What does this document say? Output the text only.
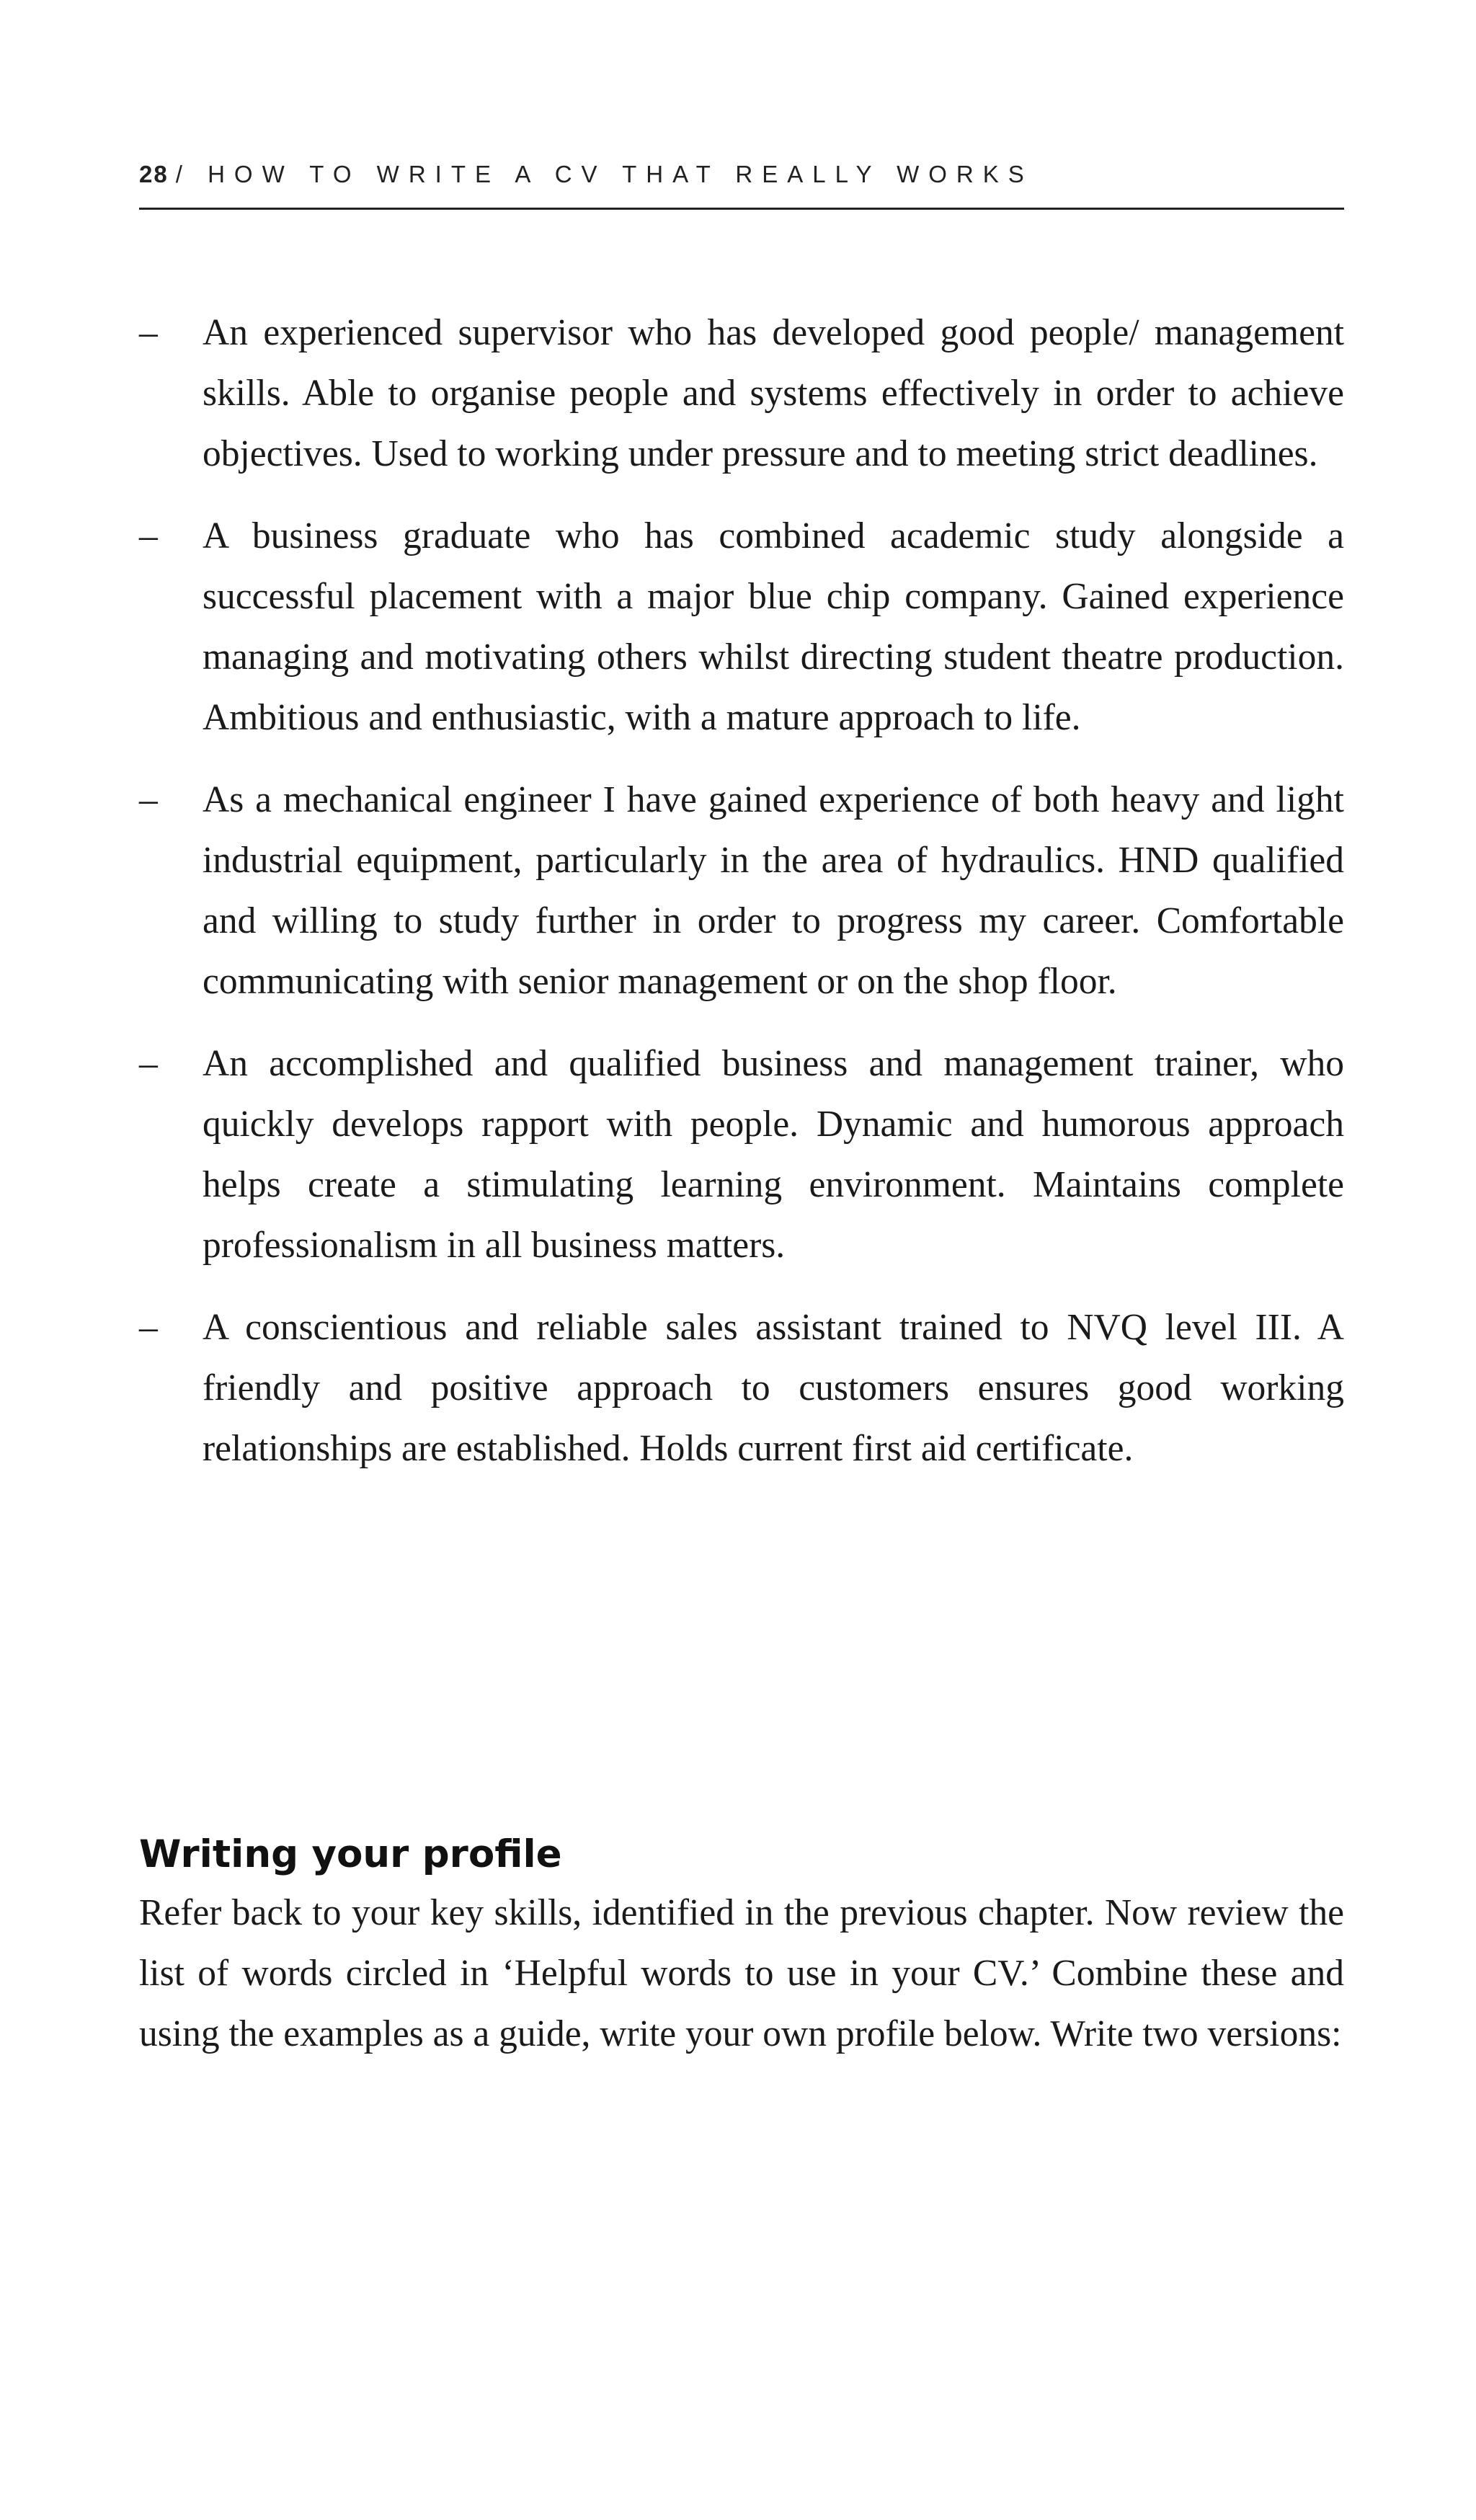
28 / HOW TO WRITE A CV THAT REALLY WORKS
– An experienced supervisor who has developed good people/ management skills. Able to organise people and systems effectively in order to achieve objectives. Used to working under pressure and to meeting strict deadlines.
– A business graduate who has combined academic study alongside a successful placement with a major blue chip company. Gained experience managing and motivating others whilst directing student theatre production. Ambitious and enthusiastic, with a mature approach to life.
– As a mechanical engineer I have gained experience of both heavy and light industrial equipment, particularly in the area of hydraulics. HND qualified and willing to study further in order to progress my career. Comfortable communicating with senior management or on the shop floor.
– An accomplished and qualified business and management trainer, who quickly develops rapport with people. Dynamic and humorous approach helps create a stimulating learning environment. Maintains complete professionalism in all business matters.
– A conscientious and reliable sales assistant trained to NVQ level III. A friendly and positive approach to customers ensures good working relationships are established. Holds current first aid certificate.
Writing your profile

Refer back to your key skills, identified in the previous chapter. Now review the list of words circled in ‘Helpful words to use in your CV.’ Combine these and using the examples as a guide, write your own profile below. Write two versions:
